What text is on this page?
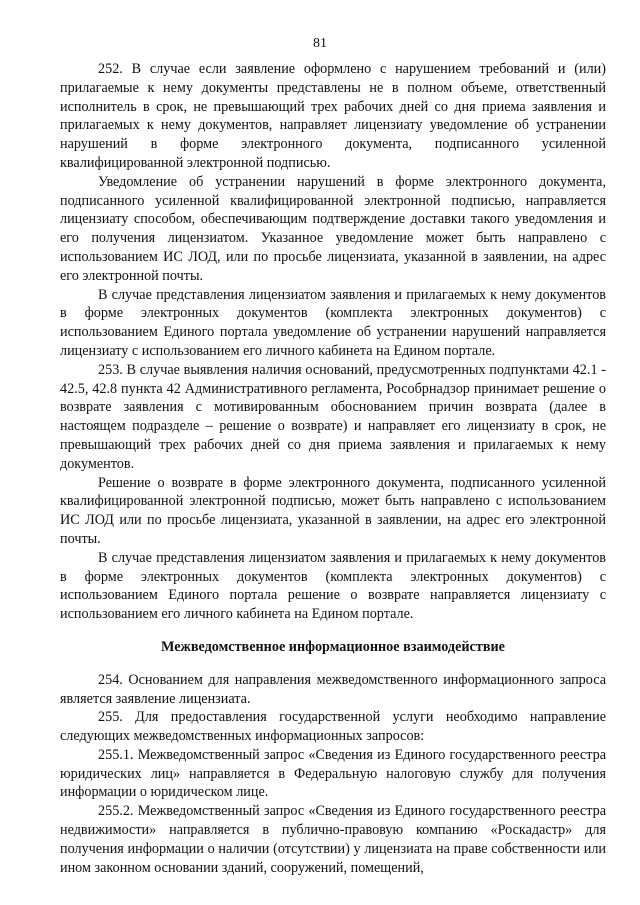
81

252. В случае если заявление оформлено с нарушением требований и (или) прилагаемые к нему документы представлены не в полном объеме, ответственный исполнитель в срок, не превышающий трех рабочих дней со дня приема заявления и прилагаемых к нему документов, направляет лицензиату уведомление об устранении нарушений в форме электронного документа, подписанного усиленной квалифицированной электронной подписью.

Уведомление об устранении нарушений в форме электронного документа, подписанного усиленной квалифицированной электронной подписью, направляется лицензиату способом, обеспечивающим подтверждение доставки такого уведомления и его получения лицензиатом. Указанное уведомление может быть направлено с использованием ИС ЛОД, или по просьбе лицензиата, указанной в заявлении, на адрес его электронной почты.

В случае представления лицензиатом заявления и прилагаемых к нему документов в форме электронных документов (комплекта электронных документов) с использованием Единого портала уведомление об устранении нарушений направляется лицензиату с использованием его личного кабинета на Едином портале.

253. В случае выявления наличия оснований, предусмотренных подпунктами 42.1 - 42.5, 42.8 пункта 42 Административного регламента, Рособрнадзор принимает решение о возврате заявления с мотивированным обоснованием причин возврата (далее в настоящем подразделе – решение о возврате) и направляет его лицензиату в срок, не превышающий трех рабочих дней со дня приема заявления и прилагаемых к нему документов.

Решение о возврате в форме электронного документа, подписанного усиленной квалифицированной электронной подписью, может быть направлено с использованием ИС ЛОД или по просьбе лицензиата, указанной в заявлении, на адрес его электронной почты.

В случае представления лицензиатом заявления и прилагаемых к нему документов в форме электронных документов (комплекта электронных документов) с использованием Единого портала решение о возврате направляется лицензиату с использованием его личного кабинета на Едином портале.

Межведомственное информационное взаимодействие

254. Основанием для направления межведомственного информационного запроса является заявление лицензиата.

255. Для предоставления государственной услуги необходимо направление следующих межведомственных информационных запросов:

255.1. Межведомственный запрос «Сведения из Единого государственного реестра юридических лиц» направляется в Федеральную налоговую службу для получения информации о юридическом лице.

255.2. Межведомственный запрос «Сведения из Единого государственного реестра недвижимости» направляется в публично-правовую компанию «Роскадастр» для получения информации о наличии (отсутствии) у лицензиата на праве собственности или ином законном основании зданий, сооружений, помещений,
